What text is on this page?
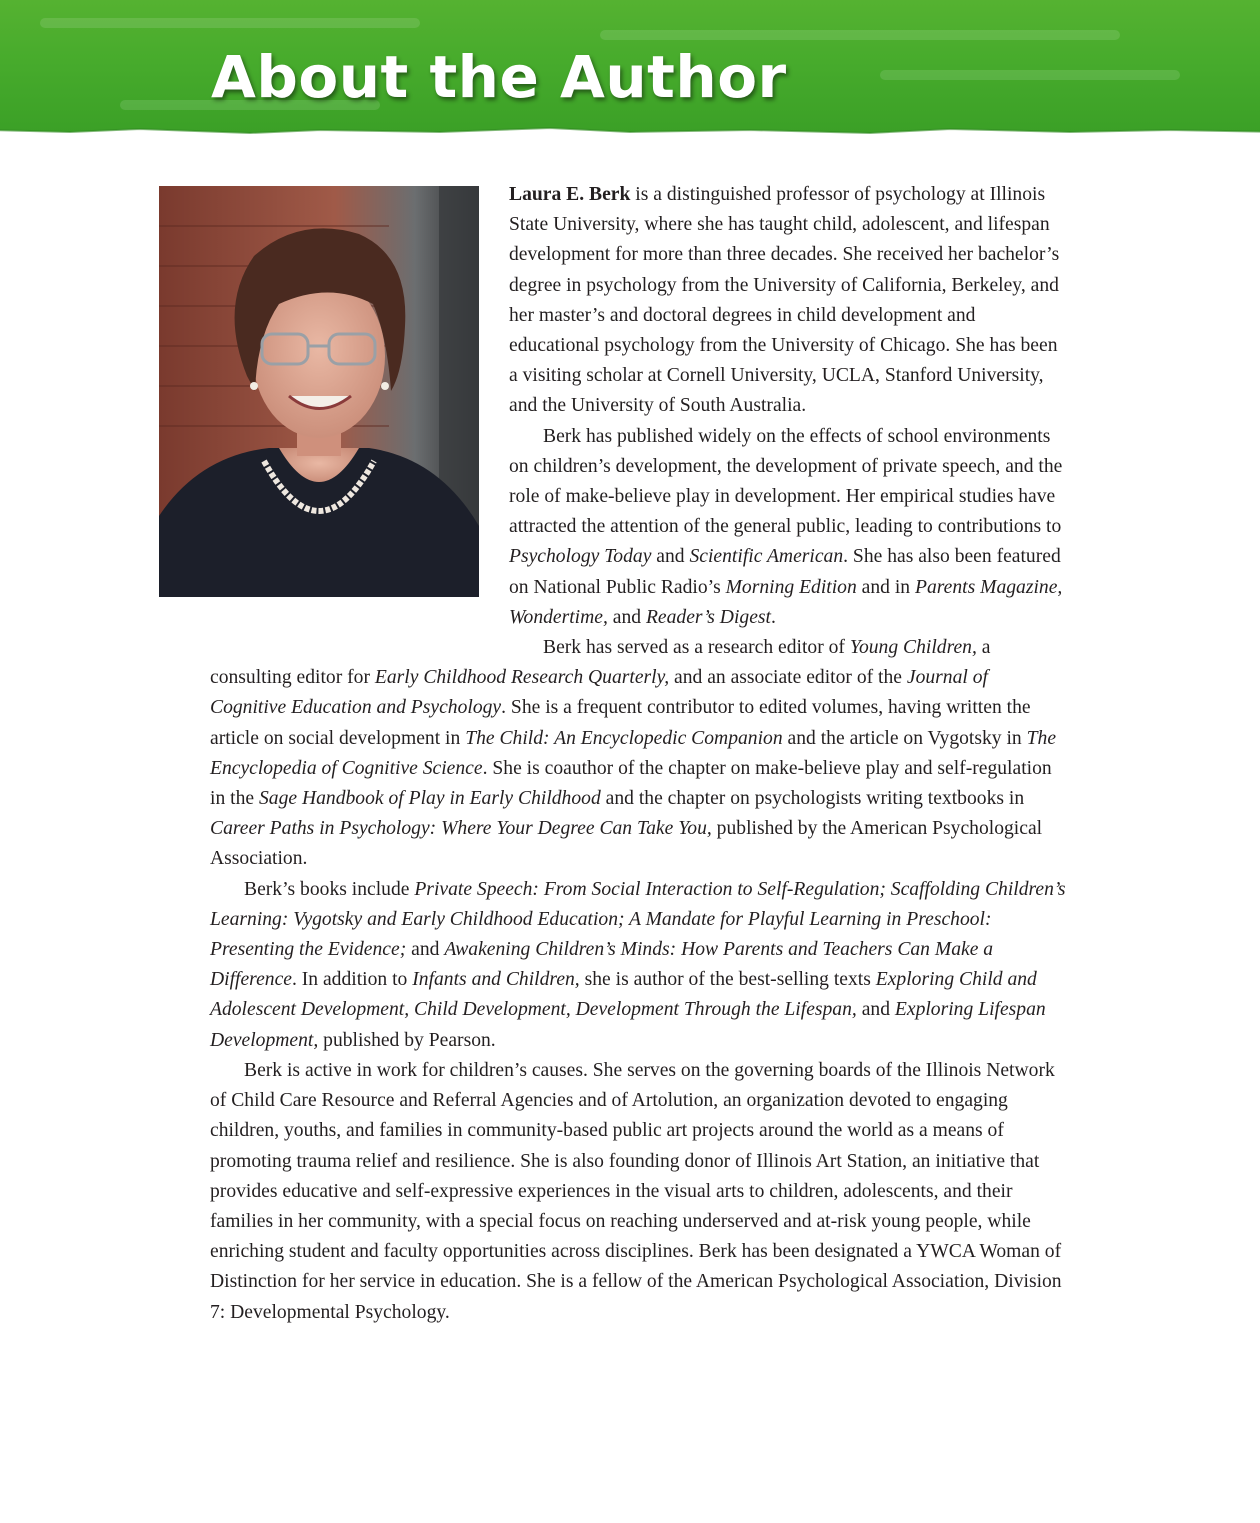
About the Author

Laura E. Berk is a distinguished professor of psychology at Illinois State University, where she has taught child, adolescent, and lifespan development for more than three decades. She received her bachelor’s degree in psychology from the University of California, Berkeley, and her master’s and doctoral degrees in child development and educational psychology from the University of Chicago. She has been a visiting scholar at Cornell University, UCLA, Stanford University, and the University of South Australia.

Berk has published widely on the effects of school environments on children’s development, the development of private speech, and the role of make-believe play in development. Her empirical studies have attracted the attention of the general public, leading to contributions to Psychology Today and Scientific American. She has also been featured on National Public Radio’s Morning Edition and in Parents Magazine, Wondertime, and Reader’s Digest.

Berk has served as a research editor of Young Children, a consulting editor for Early Childhood Research Quarterly, and an associate editor of the Journal of Cognitive Education and Psychology. She is a frequent contributor to edited volumes, having written the article on social development in The Child: An Encyclopedic Companion and the article on Vygotsky in The Encyclopedia of Cognitive Science. She is coauthor of the chapter on make-believe play and self-regulation in the Sage Handbook of Play in Early Childhood and the chapter on psychologists writing textbooks in Career Paths in Psychology: Where Your Degree Can Take You, published by the American Psychological Association.

Berk’s books include Private Speech: From Social Interaction to Self-Regulation; Scaffolding Children’s Learning: Vygotsky and Early Childhood Education; A Mandate for Playful Learning in Preschool: Presenting the Evidence; and Awakening Children’s Minds: How Parents and Teachers Can Make a Difference. In addition to Infants and Children, she is author of the best-selling texts Exploring Child and Adolescent Development, Child Development, Development Through the Lifespan, and Exploring Lifespan Development, published by Pearson.

Berk is active in work for children’s causes. She serves on the governing boards of the Illinois Network of Child Care Resource and Referral Agencies and of Artolution, an organization devoted to engaging children, youths, and families in community-based public art projects around the world as a means of promoting trauma relief and resilience. She is also founding donor of Illinois Art Station, an initiative that provides educative and self-expressive experiences in the visual arts to children, adolescents, and their families in her community, with a special focus on reaching underserved and at-risk young people, while enriching student and faculty opportunities across disciplines. Berk has been designated a YWCA Woman of Distinction for her service in education. She is a fellow of the American Psychological Association, Division 7: Developmental Psychology.
